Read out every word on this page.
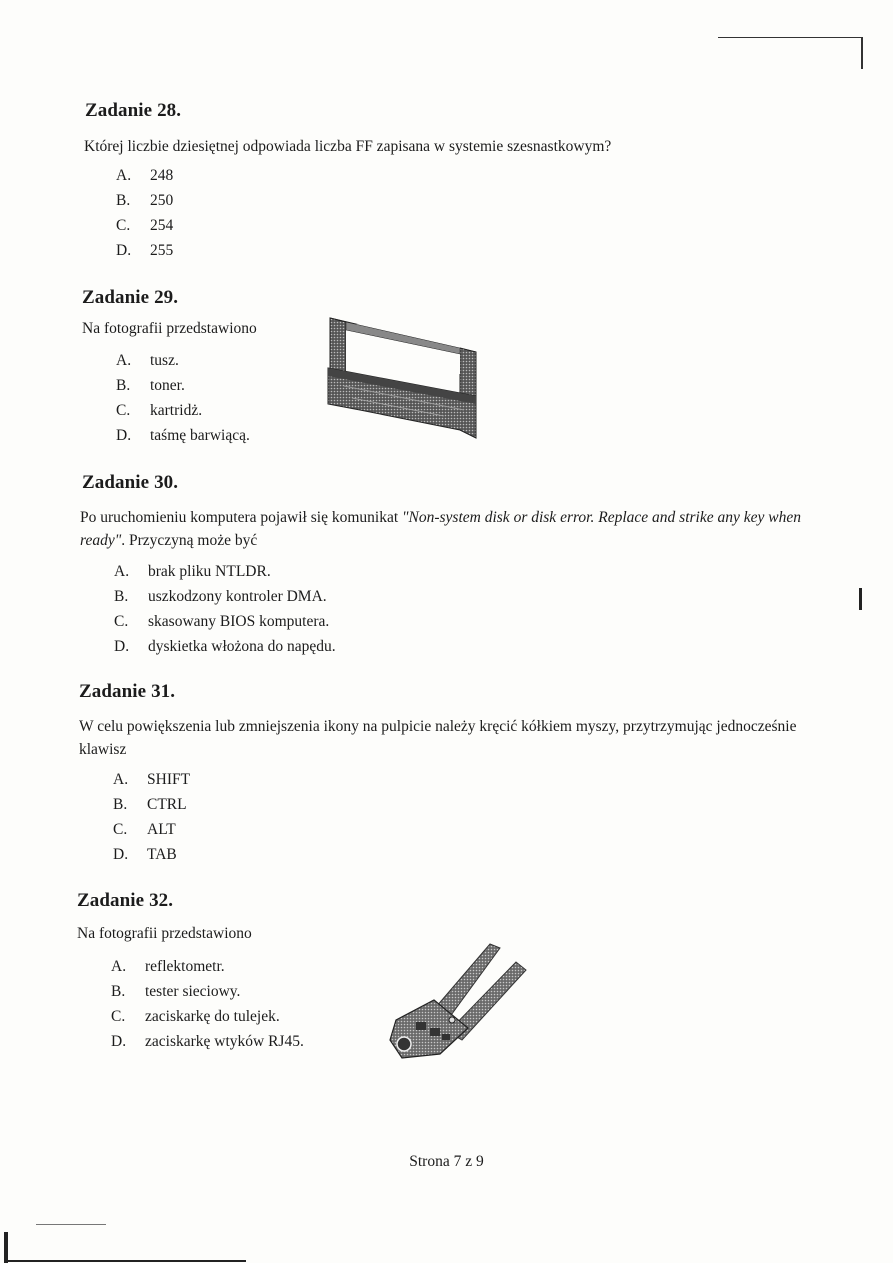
Zadanie 28.

Której liczbie dziesiętnej odpowiada liczba FF zapisana w systemie szesnastkowym?

A. 248
B. 250
C. 254
D. 255
Zadanie 29.

Na fotografii przedstawiono

A. tusz.
B. toner.
C. kartridż.
D. taśmę barwiącą.
Zadanie 30.

Po uruchomieniu komputera pojawił się komunikat "Non-system disk or disk error. Replace and strike any key when ready". Przyczyną może być

A. brak pliku NTLDR.
B. uszkodzony kontroler DMA.
C. skasowany BIOS komputera.
D. dyskietka włożona do napędu.
Zadanie 31.

W celu powiększenia lub zmniejszenia ikony na pulpicie należy kręcić kółkiem myszy, przytrzymując jednocześnie klawisz

A. SHIFT
B. CTRL
C. ALT
D. TAB
Zadanie 32.

Na fotografii przedstawiono

A. reflektometr.
B. tester sieciowy.
C. zaciskarkę do tulejek.
D. zaciskarkę wtyków RJ45.
Strona 7 z 9
